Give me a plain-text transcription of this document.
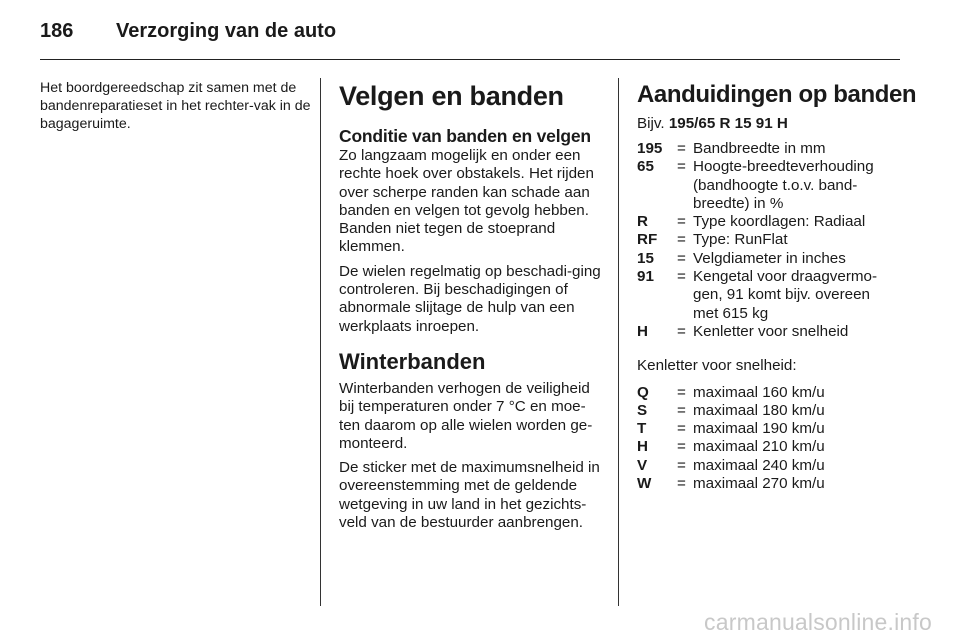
186 Verzorging van de auto

Het boordgereedschap zit samen met de bandenreparatieset in het rechter-vak in de bagageruimte.

Velgen en banden
Conditie van banden en velgen

Zo langzaam mogelijk en onder een rechte hoek over obstakels. Het rijden over scherpe randen kan schade aan banden en velgen tot gevolg hebben. Banden niet tegen de stoeprand klemmen.

De wielen regelmatig op beschadi-ging controleren. Bij beschadigingen of abnormale slijtage de hulp van een werkplaats inroepen.

Winterbanden

Winterbanden verhogen de veiligheid bij temperaturen onder 7 °C en moe-ten daarom op alle wielen worden ge-monteerd.

De sticker met de maximumsnelheid in overeenstemming met de geldende wetgeving in uw land in het gezichts-veld van de bestuurder aanbrengen.

Aanduidingen op banden
Bijv. 195/65 R 15 91 H
195 = Bandbreedte in mm
65	= Hoogte-breedteverhouding (bandhoogte t.o.v. band-breedte) in %
R	= Type koordlagen: Radiaal
RF	= Type: RunFlat
15	= Velgdiameter in inches
91	= Kengetal voor draagvermo-gen, 91 komt bijv. overeen met 615 kg
H	= Kenletter voor snelheid

Kenletter voor snelheid:

Q	= maximaal 160 km/u
S	= maximaal 180 km/u
T	= maximaal 190 km/u
H	= maximaal 210 km/u
V	= maximaal 240 km/u
W	= maximaal 270 km/u
carmanualsonline.info
